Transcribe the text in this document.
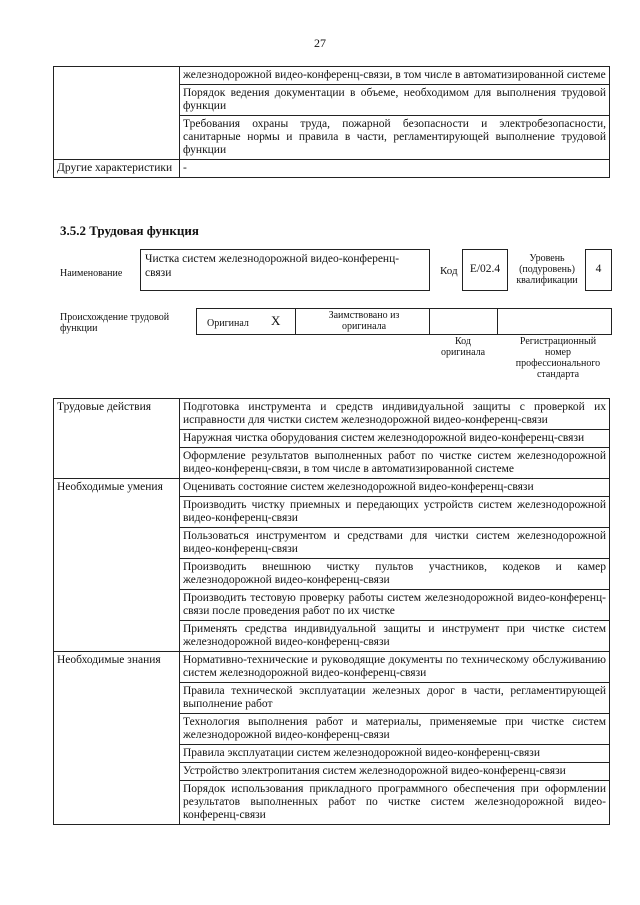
27
	железнодорожной видео-конференц-связи, в том числе в автоматизированной системе
	Порядок ведения документации в объеме, необходимом для выполнения трудовой функции
	Требования охраны труда, пожарной безопасности и электробезопасности, санитарные нормы и правила в части, регламентирующей выполнение трудовой функции
Другие характеристики	-
3.5.2 Трудовая функция
Наименование
Чистка систем железнодорожной видео-конференц-связи	Код	E/02.4
Уровень (подуровень) квалификации
4
Происхождение трудовой функции	Оригинал X	Заимствовано из оригинала
Код оригинала
Регистрационный номер профессионального стандарта
Трудовые действия	Подготовка инструмента и средств индивидуальной защиты с проверкой их исправности для чистки систем железнодорожной видео-конференц-связи
	Наружная чистка оборудования систем железнодорожной видео-конференц-связи
	Оформление результатов выполненных работ по чистке систем железнодорожной видео-конференц-связи, в том числе в автоматизированной системе
Необходимые умения	Оценивать состояние систем железнодорожной видео-конференц-связи
	Производить чистку приемных и передающих устройств систем железнодорожной видео-конференц-связи
	Пользоваться инструментом и средствами для чистки систем железнодорожной видео-конференц-связи
	Производить внешнюю чистку пультов участников, кодеков и камер железнодорожной видео-конференц-связи
	Производить тестовую проверку работы систем железнодорожной видео-конференц-связи после проведения работ по их чистке
	Применять средства индивидуальной защиты и инструмент при чистке систем железнодорожной видео-конференц-связи
Необходимые знания	Нормативно-технические и руководящие документы по техническому обслуживанию систем железнодорожной видео-конференц-связи
	Правила технической эксплуатации железных дорог в части, регламентирующей выполнение работ
	Технология выполнения работ и материалы, применяемые при чистке систем железнодорожной видео-конференц-связи
	Правила эксплуатации систем железнодорожной видео-конференц-связи
	Устройство электропитания систем железнодорожной видео-конференц-связи
	Порядок использования прикладного программного обеспечения при оформлении результатов выполненных работ по чистке систем железнодорожной видео-конференц-связи
